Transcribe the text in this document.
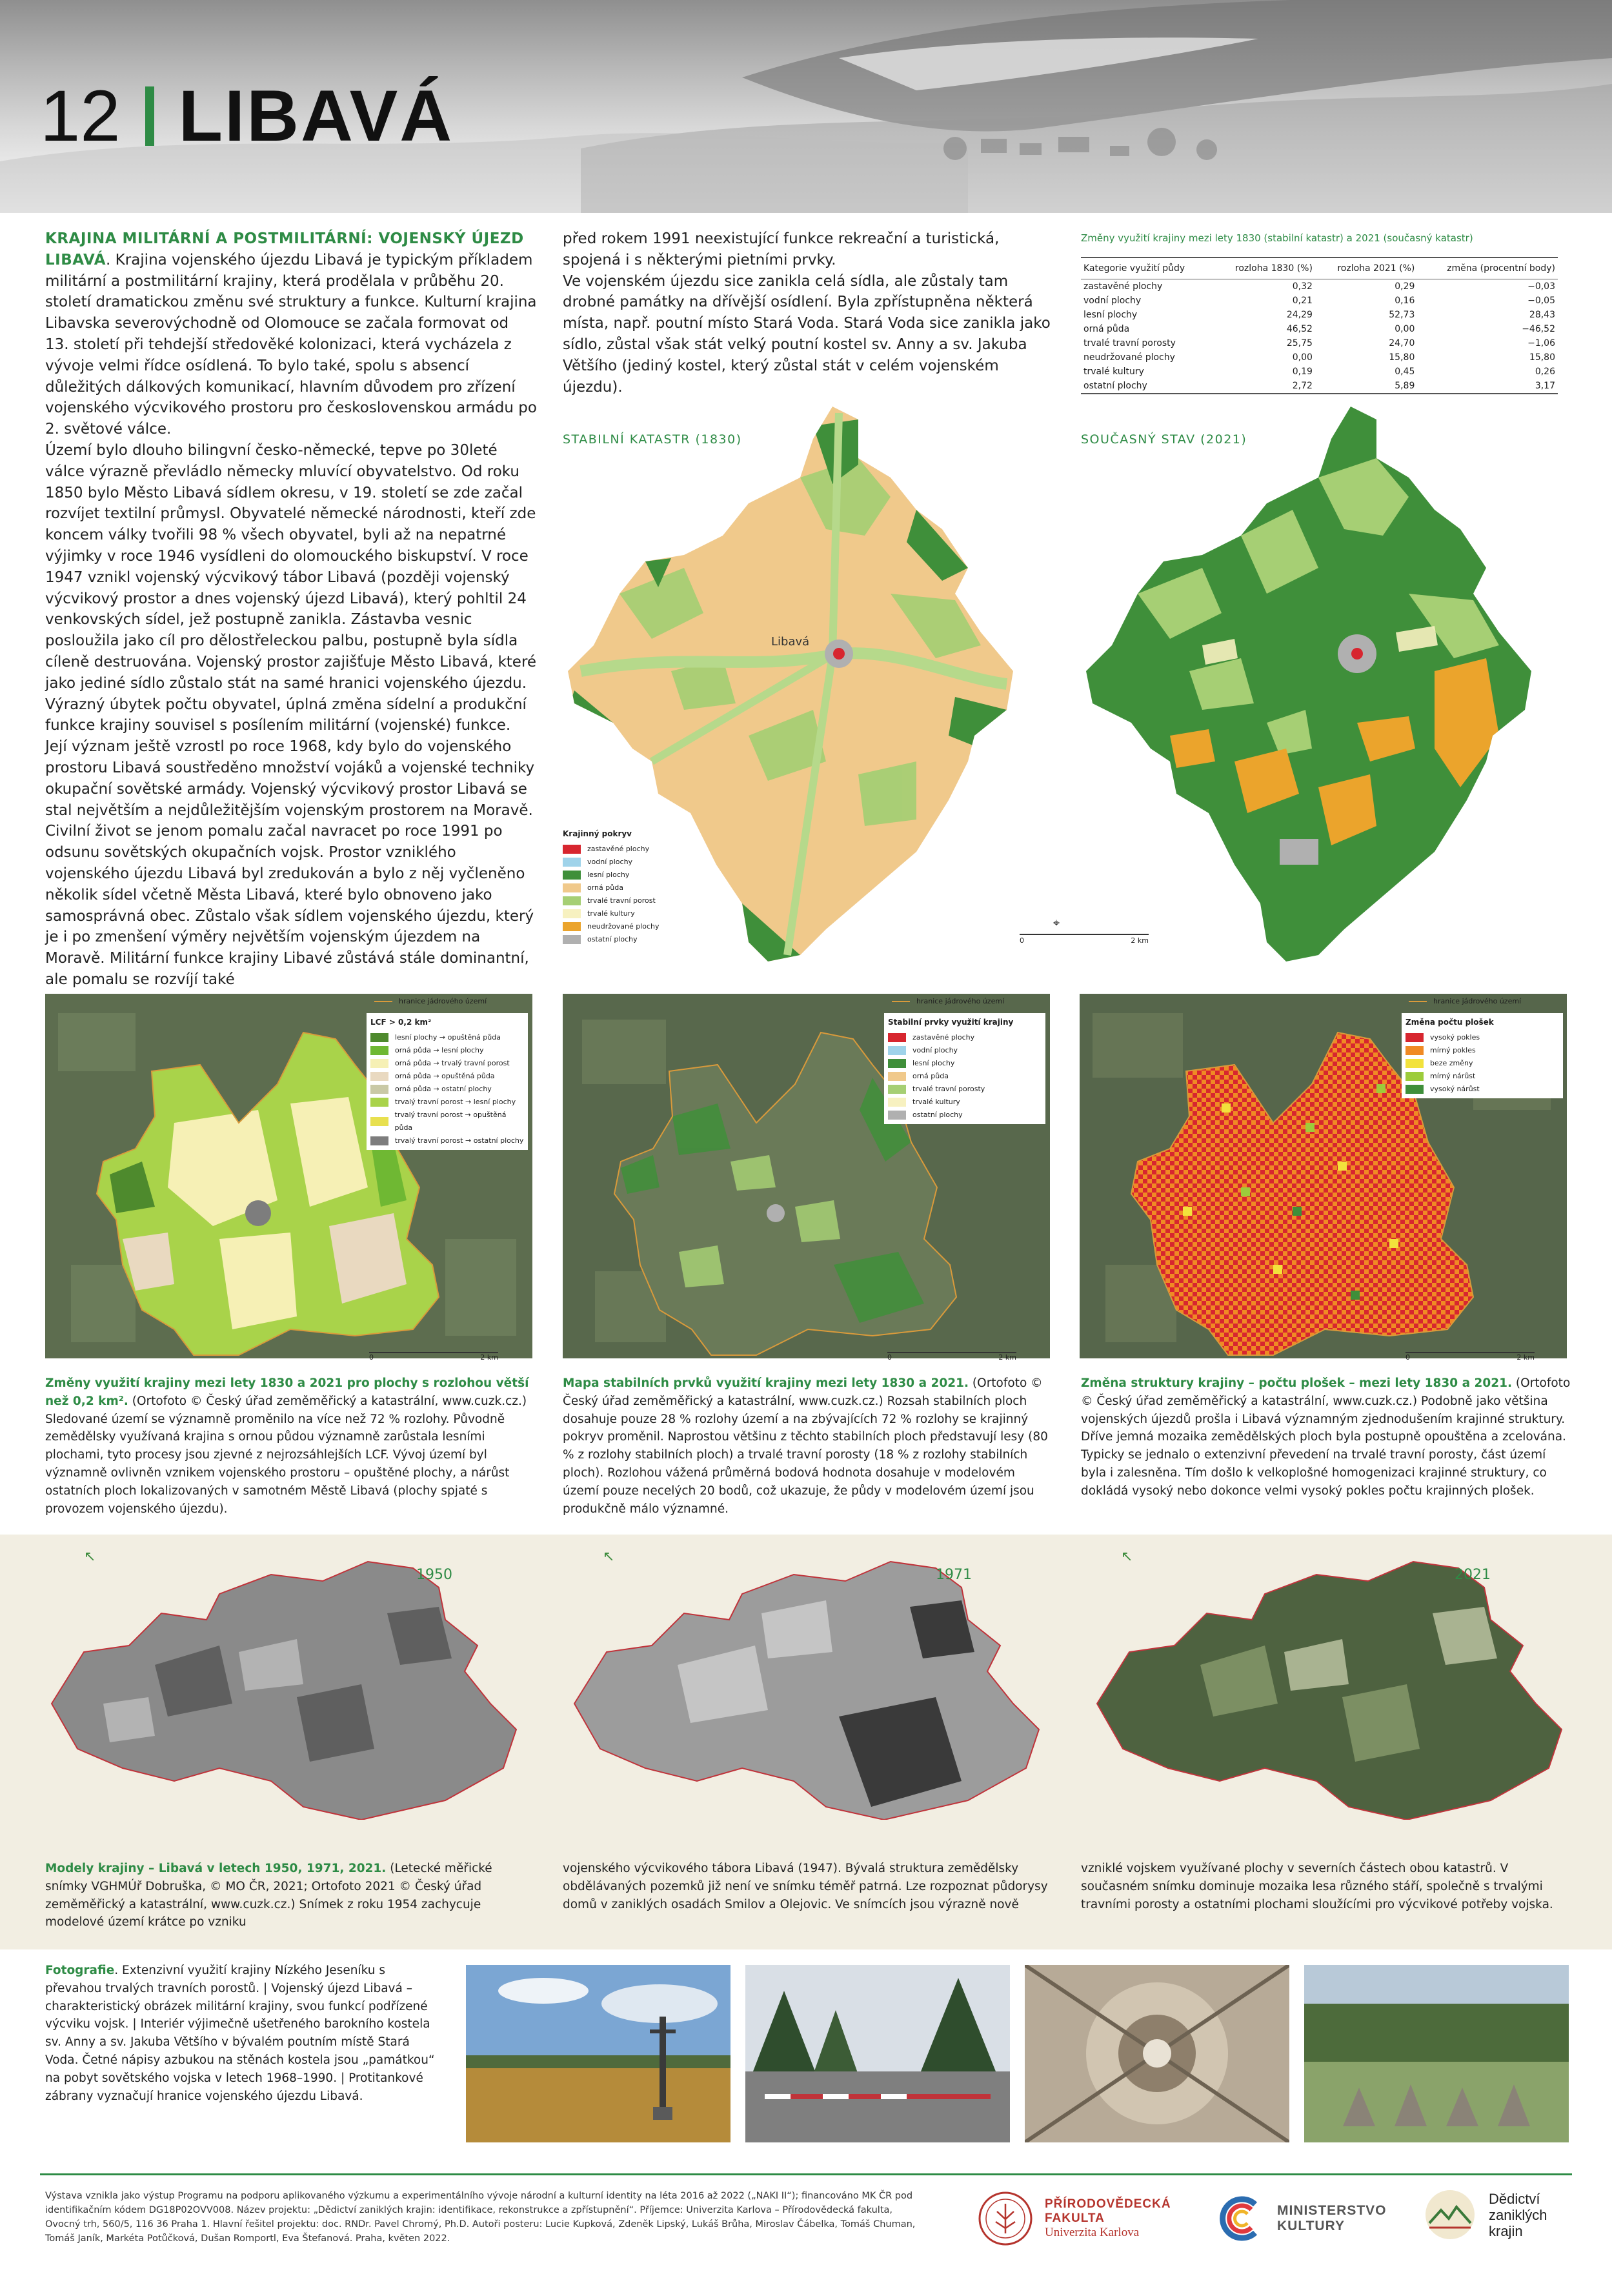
12 LIBAVÁ

KRAJINA MILITÁRNÍ A POSTMILITÁRNÍ: VOJENSKÝ ÚJEZD LIBAVÁ. Krajina vojenského újezdu Libavá je typickým příkladem militární a postmilitární krajiny, která prodělala v průběhu 20. století dramatickou změnu své struktury a funkce. Kulturní krajina Libavska severovýchodně od Olomouce se začala formovat od 13. století při tehdejší středověké kolonizaci, která vycházela z vývoje velmi řídce osídlená. To bylo také, spolu s absencí důležitých dálkových komunikací, hlavním důvodem pro zřízení vojenského výcvikového prostoru pro československou armádu po 2. světové válce.

Území bylo dlouho bilingvní česko-německé, tepve po 30leté válce výrazně převládlo německy mluvící obyvatelstvo. Od roku 1850 bylo Město Libavá sídlem okresu, v 19. století se zde začal rozvíjet textilní průmysl. Obyvatelé německé národnosti, kteří zde koncem války tvořili 98 % všech obyvatel, byli až na nepatrné výjimky v roce 1946 vysídleni do olomouckého biskupství. V roce 1947 vznikl vojenský výcvikový tábor Libavá (později vojenský výcvikový prostor a dnes vojenský újezd Libavá), který pohltil 24 venkovských sídel, jež postupně zanikla. Zástavba vesnic posloužila jako cíl pro dělostřeleckou palbu, postupně byla sídla cíleně destruována. Vojenský prostor zajišťuje Město Libavá, které jako jediné sídlo zůstalo stát na samé hranici vojenského újezdu. Výrazný úbytek počtu obyvatel, úplná změna sídelní a produkční funkce krajiny souvisel s posílením militární (vojenské) funkce. Její význam ještě vzrostl po roce 1968, kdy bylo do vojenského prostoru Libavá soustředěno množství vojáků a vojenské techniky okupační sovětské armády. Vojenský výcvikový prostor Libavá se stal největším a nejdůležitějším vojenským prostorem na Moravě.

Civilní život se jenom pomalu začal navracet po roce 1991 po odsunu sovětských okupačních vojsk. Prostor vzniklého vojenského újezdu Libavá byl zredukován a bylo z něj vyčleněno několik sídel včetně Města Libavá, které bylo obnoveno jako samosprávná obec. Zůstalo však sídlem vojenského újezdu, který je i po zmenšení výměry největším vojenským újezdem na Moravě. Militární funkce krajiny Libavé zůstává stále dominantní, ale pomalu se rozvíjí také

před rokem 1991 neexistující funkce rekreační a turistická, spojená i s některými pietními prvky.

Ve vojenském újezdu sice zanikla celá sídla, ale zůstaly tam drobné památky na dřívější osídlení. Byla zpřístupněna některá místa, např. poutní místo Stará Voda. Stará Voda sice zanikla jako sídlo, zůstal však stát velký poutní kostel sv. Anny a sv. Jakuba Většího (jediný kostel, který zůstal stát v celém vojenském újezdu).

Změny využití krajiny mezi lety 1830 (stabilní katastr) a 2021 (současný katastr)
Kategorie využití půdy	rozloha 1830 (%)	rozloha 2021 (%)	změna (procentní body)
zastavěné plochy	0,32	0,29	−0,03
vodní plochy	0,21	0,16	−0,05
lesní plochy	24,29	52,73	28,43
orná půda	46,52	0,00	−46,52
trvalé travní porosty	25,75	24,70	−1,06
neudržované plochy	0,00	15,80	15,80
trvalé kultury	0,19	0,45	0,26
ostatní plochy	2,72	5,89	3,17
STABILNÍ KATASTR (1830)	SOUČASNÝ STAV (2021)
Libavá
Krajinný pokryv
zastavěné plochy
vodní plochy
lesní plochy
orná půda
trvalé travní porost
trvalé kultury
neudržované plochy
ostatní plochy
⌖
0	2 km
hranice jádrového území	hranice jádrového území	hranice jádrového území
LCF > 0,2 km²
lesní plochy → opuštěná půda
orná půda → lesní plochy
orná půda → trvalý travní porost
orná půda → opuštěná půda
orná půda → ostatní plochy
trvalý travní porost → lesní plochy
trvalý travní porost → opuštěná půda
trvalý travní porost → ostatní plochy
Stabilní prvky využití krajiny
zastavěné plochy
vodní plochy
lesní plochy
orná půda
trvalé travní porosty
trvalé kultury
ostatní plochy
Změna počtu plošek
vysoký pokles
mírný pokles
beze změny
mírný nárůst
vysoký nárůst
0	2 km	0	2 km	0	2 km
Změny využití krajiny mezi lety 1830 a 2021 pro plochy s rozlohou větší než 0,2 km². (Ortofoto © Český úřad zeměměřický a katastrální, www.cuzk.cz.) Sledované území se významně proměnilo na více než 72 % rozlohy. Původně zemědělsky využívaná krajina s ornou půdou významně zarůstala lesními plochami, tyto procesy jsou zjevné z nejrozsáhlejších LCF. Vývoj území byl významně ovlivněn vznikem vojenského prostoru – opuštěné plochy, a nárůst ostatních ploch lokalizovaných v samotném Městě Libavá (plochy spjaté s provozem vojenského újezdu).
Mapa stabilních prvků využití krajiny mezi lety 1830 a 2021. (Ortofoto © Český úřad zeměměřický a katastrální, www.cuzk.cz.) Rozsah stabilních ploch dosahuje pouze 28 % rozlohy území a na zbývajících 72 % rozlohy se krajinný pokryv proměnil. Naprostou většinu z těchto stabilních ploch představují lesy (80 % z rozlohy stabilních ploch) a trvalé travní porosty (18 % z rozlohy stabilních ploch). Rozlohou vážená průměrná bodová hodnota dosahuje v modelovém území pouze necelých 20 bodů, což ukazuje, že půdy v modelovém území jsou produkčně málo významné.
Změna struktury krajiny – počtu plošek – mezi lety 1830 a 2021. (Ortofoto © Český úřad zeměměřický a katastrální, www.cuzk.cz.) Podobně jako většina vojenských újezdů prošla i Libavá významným zjednodušením krajinné struktury. Dříve jemná mozaika zemědělských ploch byla postupně opouštěna a zcelována. Typicky se jednalo o extenzivní převedení na trvalé travní porosty, část území byla i zalesněna. Tím došlo k velkoplošné homogenizaci krajinné struktury, co dokládá vysoký nebo dokonce velmi vysoký pokles počtu krajinných plošek.
↖	↖	↖
1950	1971	2021
Modely krajiny – Libavá v letech 1950, 1971, 2021. (Letecké měřické snímky VGHMÚř Dobruška, © MO ČR, 2021; Ortofoto 2021 © Český úřad zeměměřický a katastrální, www.cuzk.cz.) Snímek z roku 1954 zachycuje modelové území krátce po vzniku
vojenského výcvikového tábora Libavá (1947). Bývalá struktura zemědělsky obdělávaných pozemků již není ve snímku téměř patrná. Lze rozpoznat půdorysy domů v zaniklých osadách Smilov a Olejovic. Ve snímcích jsou výrazně nově
vzniklé vojskem využívané plochy v severních částech obou katastrů. V současném snímku dominuje mozaika lesa různého stáří, společně s trvalými travními porosty a ostatními plochami sloužícími pro výcvikové potřeby vojska.
Fotografie. Extenzivní využití krajiny Nízkého Jeseníku s převahou trvalých travních porostů. | Vojenský újezd Libavá – charakteristický obrázek militární krajiny, svou funkcí podřízené výcviku vojsk. | Interiér výjimečně ušetřeného barokního kostela sv. Anny a sv. Jakuba Většího v bývalém poutním místě Stará Voda. Četné nápisy azbukou na stěnách kostela jsou „památkou“ na pobyt sovětského vojska v letech 1968–1990. | Protitankové zábrany vyznačují hranice vojenského újezdu Libavá.
Výstava vznikla jako výstup Programu na podporu aplikovaného výzkumu a experimentálního vývoje národní a kulturní identity na léta 2016 až 2022 („NAKI II“); financováno MK ČR pod identifikačním kódem DG18P02OVV008. Název projektu: „Dědictví zaniklých krajin: identifikace, rekonstrukce a zpřístupnění“. Příjemce: Univerzita Karlova – Přírodovědecká fakulta, Ovocný trh, 560/5, 116 36 Praha 1. Hlavní řešitel projektu: doc. RNDr. Pavel Chromý, Ph.D. Autoři posteru: Lucie Kupková, Zdeněk Lipský, Lukáš Brůha, Miroslav Čábelka, Tomáš Chuman, Tomáš Janík, Markéta Potůčková, Dušan Romportl, Eva Štefanová. Praha, květen 2022.
PŘÍRODOVĚDECKÁ
FAKULTA
Univerzita Karlova
MINISTERSTVO
KULTURY
Dědictví
zaniklých
krajin
